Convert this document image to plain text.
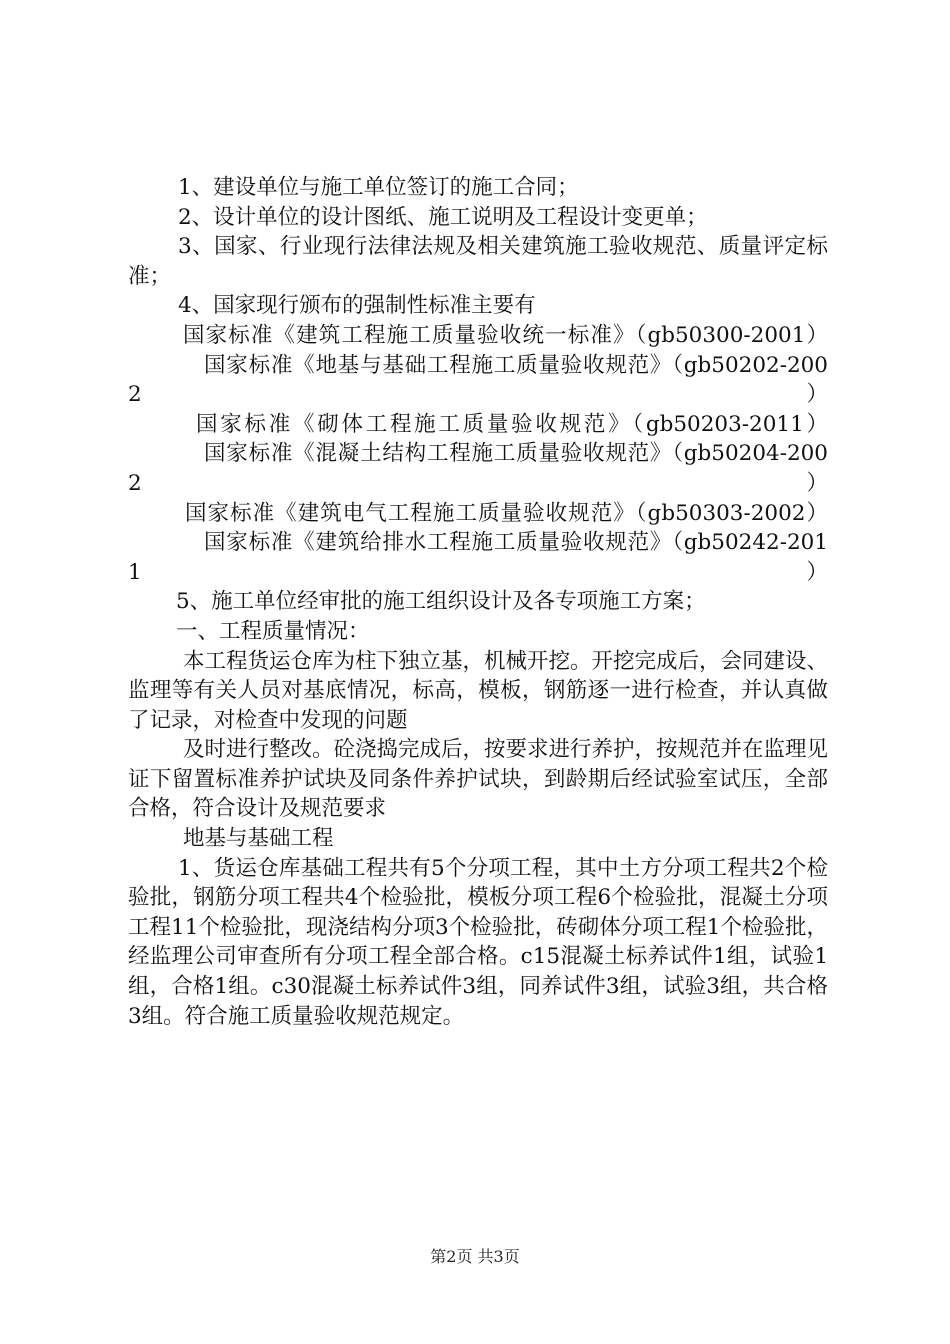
1、建设单位与施工单位签订的施工合同；

2、设计单位的设计图纸、施工说明及工程设计变更单；

3、国家、行业现行法律法规及相关建筑施工验收规范、质量评定标准；

4、国家现行颁布的强制性标准主要有

国家标准《建筑工程施工质量验收统一标准》（gb50300-2001）

国家标准《地基与基础工程施工质量验收规范》（gb50202-2002）

国家标准《砌体工程施工质量验收规范》（gb50203-2011）

国家标准《混凝土结构工程施工质量验收规范》（gb50204-2002）

国家标准《建筑电气工程施工质量验收规范》（gb50303-2002）

国家标准《建筑给排水工程施工质量验收规范》（gb50242-2011）

5、施工单位经审批的施工组织设计及各专项施工方案；

一、工程质量情况：

本工程货运仓库为柱下独立基，机械开挖。开挖完成后，会同建设、监理等有关人员对基底情况，标高，模板，钢筋逐一进行检查，并认真做了记录，对检查中发现的问题

及时进行整改。砼浇捣完成后，按要求进行养护，按规范并在监理见证下留置标准养护试块及同条件养护试块，到龄期后经试验室试压，全部合格，符合设计及规范要求

地基与基础工程

1、货运仓库基础工程共有5个分项工程，其中土方分项工程共2个检验批，钢筋分项工程共4个检验批，模板分项工程6个检验批，混凝土分项工程11个检验批，现浇结构分项3个检验批，砖砌体分项工程1个检验批，经监理公司审查所有分项工程全部合格。c15混凝土标养试件1组，试验1组，合格1组。c30混凝土标养试件3组，同养试件3组，试验3组，共合格3组。符合施工质量验收规范规定。

第2页 共3页
